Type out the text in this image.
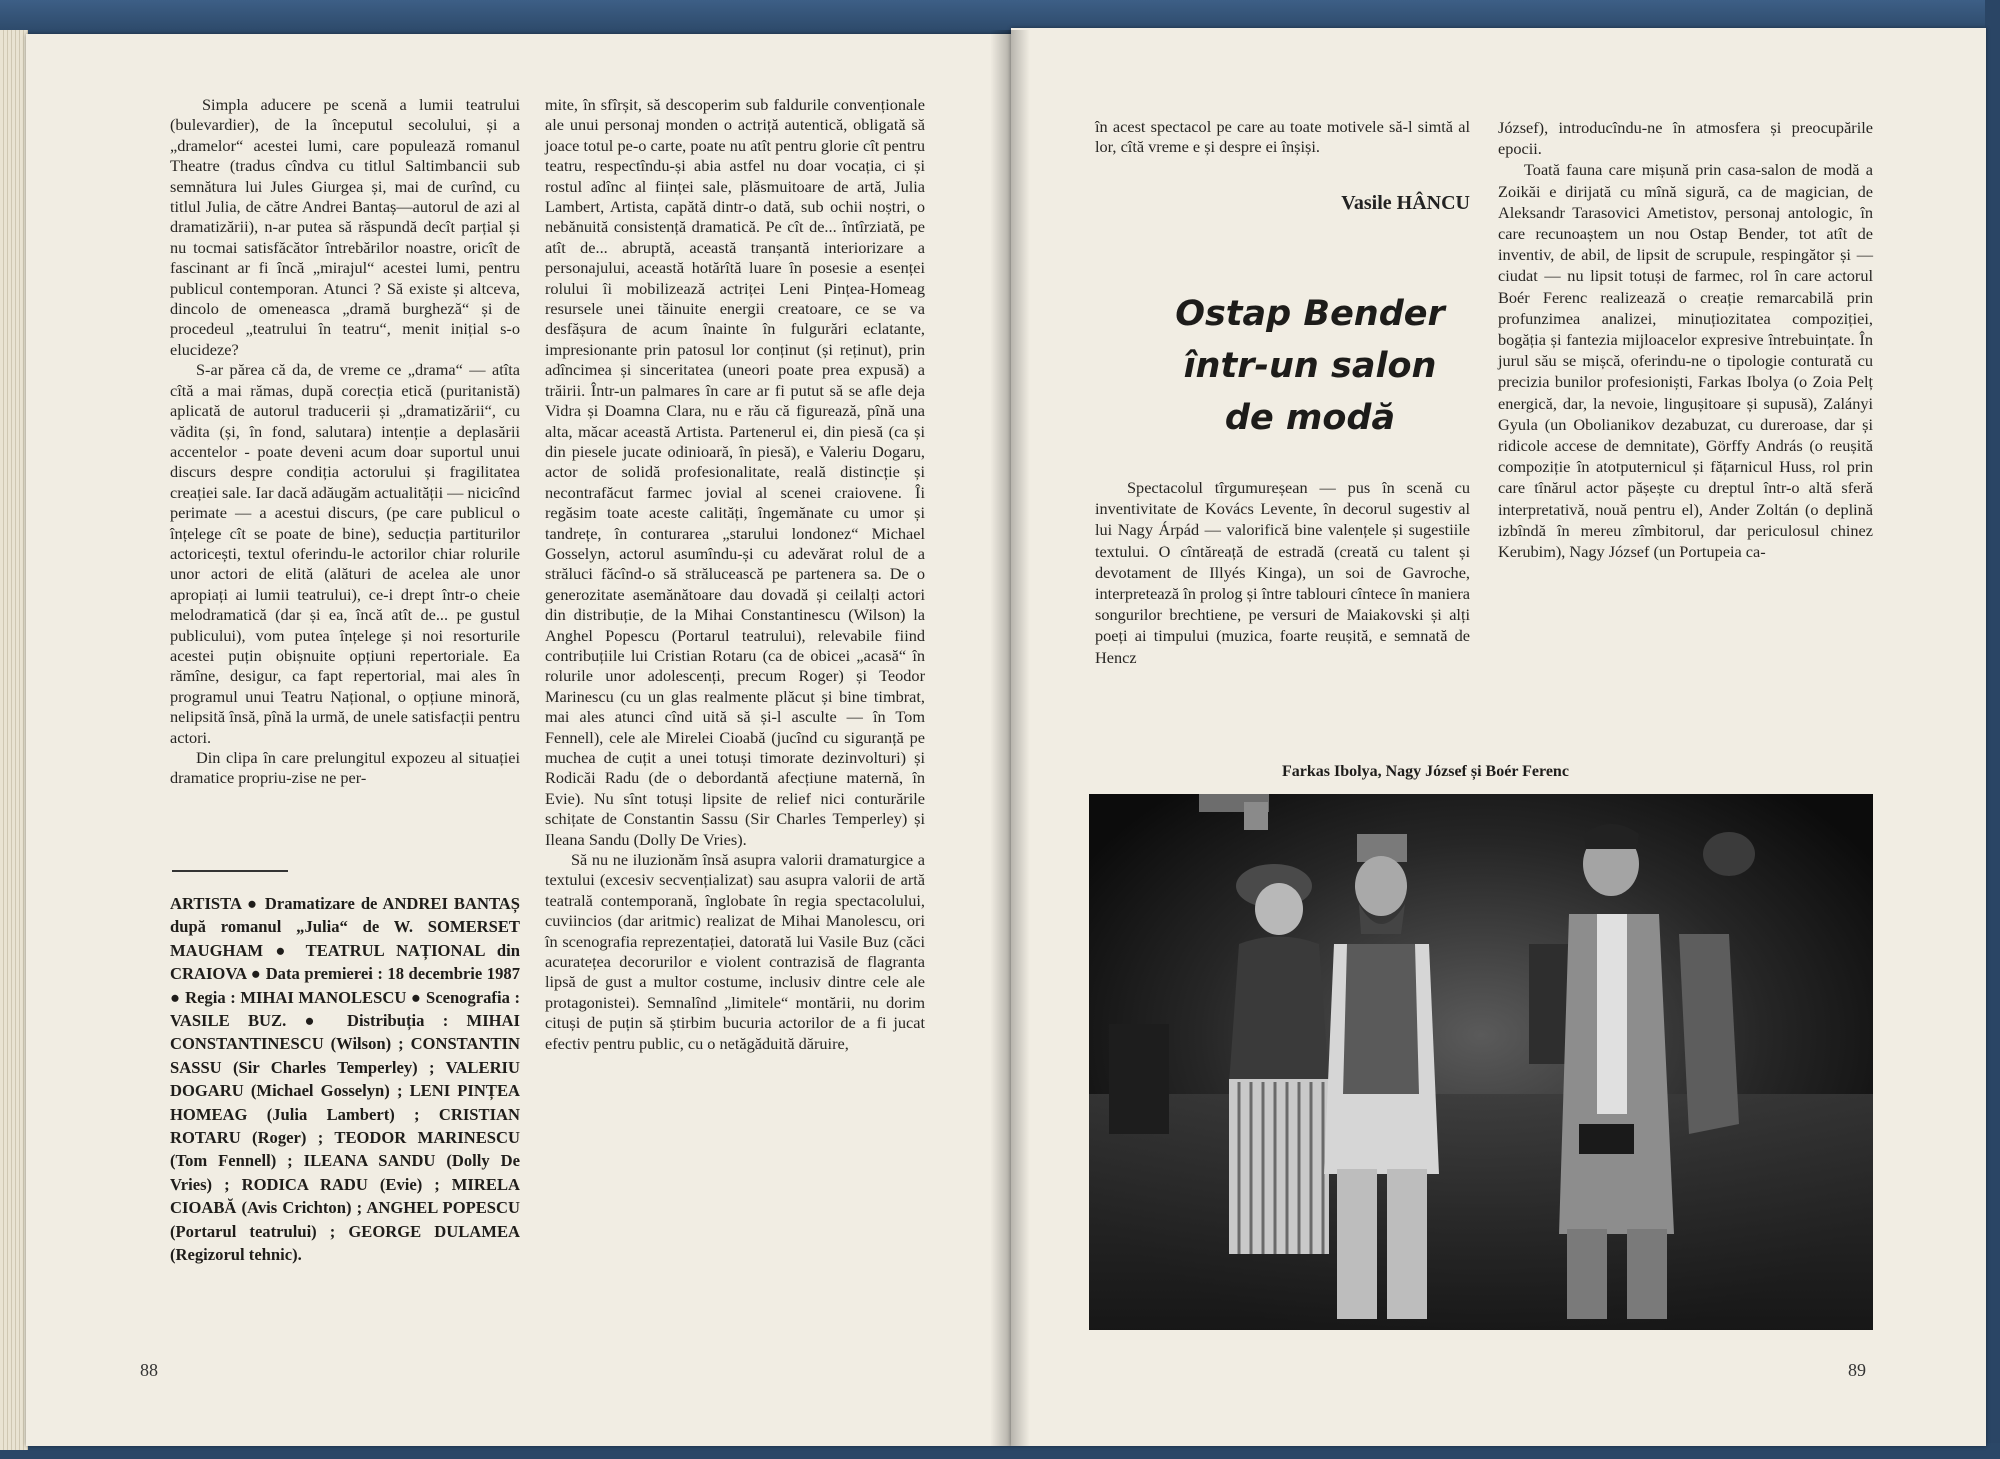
Simpla aducere pe scenă a lumii teatrului (bulevardier), de la începutul secolului, și a „dramelor“ acestei lumi, care populează romanul Theatre (tradus cîndva cu titlul Saltimbancii sub semnătura lui Jules Giurgea și, mai de curînd, cu titlul Julia, de către Andrei Bantaș—autorul de azi al dramatizării), n-ar putea să răspundă decît parțial și nu tocmai satisfăcător întrebărilor noastre, oricît de fascinant ar fi încă „mirajul“ acestei lumi, pentru publicul contemporan. Atunci ? Să existe și altceva, dincolo de omeneasca „dramă burgheză“ și de procedeul „teatrului în teatru“, menit inițial s-o elucideze?

S-ar părea că da, de vreme ce „drama“ — atîta cîtă a mai rămas, după corecția etică (puritanistă) aplicată de autorul traducerii și „dramatizării“, cu vădita (și, în fond, salutara) intenție a deplasării accentelor - poate deveni acum doar suportul unui discurs despre condiția actorului și fragilitatea creației sale. Iar dacă adăugăm actualității — nicicînd perimate — a acestui discurs, (pe care publicul o înțelege cît se poate de bine), seducția partiturilor actoricești, textul oferindu-le actorilor chiar rolurile unor actori de elită (alături de acelea ale unor apropiați ai lumii teatrului), ce-i drept într-o cheie melodramatică (dar și ea, încă atît de... pe gustul publicului), vom putea înțelege și noi resorturile acestei puțin obișnuite opțiuni repertoriale. Ea rămîne, desigur, ca fapt repertorial, mai ales în programul unui Teatru Național, o opțiune minoră, nelipsită însă, pînă la urmă, de unele satisfacții pentru actori.

Din clipa în care prelungitul expozeu al situației dramatice propriu-zise ne per-

ARTISTA ● Dramatizare de ANDREI BANTAȘ după romanul „Julia“ de W. SOMERSET MAUGHAM ● TEATRUL NAȚIONAL din CRAIOVA ● Data premierei : 18 decembrie 1987 ● Regia : MIHAI MANOLESCU ● Scenografia : VASILE BUZ. ● Distribuția : MIHAI CONSTANTINESCU (Wilson) ; CONSTANTIN SASSU (Sir Charles Temperley) ; VALERIU DOGARU (Michael Gosselyn) ; LENI PINȚEA HOMEAG (Julia Lambert) ; CRISTIAN ROTARU (Roger) ; TEODOR MARINESCU (Tom Fennell) ; ILEANA SANDU (Dolly De Vries) ; RODICA RADU (Evie) ; MIRELA CIOABĂ (Avis Crichton) ; ANGHEL POPESCU (Portarul teatrului) ; GEORGE DULAMEA (Regizorul tehnic).

mite, în sfîrșit, să descoperim sub faldurile convenționale ale unui personaj monden o actriță autentică, obligată să joace totul pe-o carte, poate nu atît pentru glorie cît pentru teatru, respectîndu-și abia astfel nu doar vocația, ci și rostul adînc al ființei sale, plăsmuitoare de artă, Julia Lambert, Artista, capătă dintr-o dată, sub ochii noștri, o nebănuită consistență dramatică. Pe cît de... întîrziată, pe atît de... abruptă, această tranșantă interiorizare a personajului, această hotărîtă luare în posesie a esenței rolului îi mobilizează actriței Leni Pințea-Homeag resursele unei tăinuite energii creatoare, ce se va desfășura de acum înainte în fulgurări eclatante, impresionante prin patosul lor conținut (și reținut), prin adîncimea și sinceritatea (uneori poate prea expusă) a trăirii. Într-un palmares în care ar fi putut să se afle deja Vidra și Doamna Clara, nu e rău că figurează, pînă una alta, măcar această Artista. Partenerul ei, din piesă (ca și din piesele jucate odinioară, în piesă), e Valeriu Dogaru, actor de solidă profesionalitate, reală distincție și necontrafăcut farmec jovial al scenei craiovene. Îi regăsim toate aceste calități, îngemănate cu umor și tandrețe, în conturarea „starului londonez“ Michael Gosselyn, actorul asumîndu-și cu adevărat rolul de a străluci făcînd-o să strălucească pe partenera sa. De o generozitate asemănătoare dau dovadă și ceilalți actori din distribuție, de la Mihai Constantinescu (Wilson) la Anghel Popescu (Portarul teatrului), relevabile fiind contribuțiile lui Cristian Rotaru (ca de obicei „acasă“ în rolurile unor adolescenți, precum Roger) și Teodor Marinescu (cu un glas realmente plăcut și bine timbrat, mai ales atunci cînd uită să și-l asculte — în Tom Fennell), cele ale Mirelei Cioabă (jucînd cu siguranță pe muchea de cuțit a unei totuși timorate dezinvolturi) și Rodicăi Radu (de o debordantă afecțiune maternă, în Evie). Nu sînt totuși lipsite de relief nici conturările schițate de Constantin Sassu (Sir Charles Temperley) și Ileana Sandu (Dolly De Vries).

Să nu ne iluzionăm însă asupra valorii dramaturgice a textului (excesiv secvențializat) sau asupra valorii de artă teatrală contemporană, înglobate în regia spectacolului, cuviincios (dar aritmic) realizat de Mihai Manolescu, ori în scenografia reprezentației, datorată lui Vasile Buz (căci acuratețea decorurilor e violent contrazisă de flagranta lipsă de gust a multor costume, inclusiv dintre cele ale protagonistei). Semnalînd „limitele“ montării, nu dorim cituși de puțin să știrbim bucuria actorilor de a fi jucat efectiv pentru public, cu o netăgăduită dăruire,

88

în acest spectacol pe care au toate motivele să-l simtă al lor, cîtă vreme e și despre ei înșiși.

Vasile HÂNCU
Ostap Bender
într-un salon
de modă

Spectacolul tîrgumureșean — pus în scenă cu inventivitate de Kovács Levente, în decorul sugestiv al lui Nagy Árpád — valorifică bine valențele și sugestiile textului. O cîntăreață de estradă (creată cu talent și devotament de Illyés Kinga), un soi de Gavroche, interpretează în prolog și între tablouri cîntece în maniera songurilor brechtiene, pe versuri de Maiakovski și alți poeți ai timpului (muzica, foarte reușită, e semnată de Hencz

József), introducîndu-ne în atmosfera și preocupările epocii.

Toată fauna care mișună prin casa-salon de modă a Zoikăi e dirijată cu mînă sigură, ca de magician, de Aleksandr Tarasovici Ametistov, personaj antologic, în care recunoaștem un nou Ostap Bender, tot atît de inventiv, de abil, de lipsit de scrupule, respingător și — ciudat — nu lipsit totuși de farmec, rol în care actorul Boér Ferenc realizează o creație remarcabilă prin profunzimea analizei, minuțiozitatea compoziției, bogăția și fantezia mijloacelor expresive întrebuințate. În jurul său se mișcă, oferindu-ne o tipologie conturată cu precizia bunilor profesioniști, Farkas Ibolya (o Zoia Pelț energică, dar, la nevoie, lingușitoare și supusă), Zalányi Gyula (un Obolianikov dezabuzat, cu dureroase, dar și ridicole accese de demnitate), Görffy András (o reușită compoziție în atotputernicul și fățarnicul Huss, rol prin care tînărul actor pășește cu dreptul într-o altă sferă interpretativă, nouă pentru el), Ander Zoltán (o deplină izbîndă în mereu zîmbitorul, dar periculosul chinez Kerubim), Nagy József (un Portupeia ca-

Farkas Ibolya, Nagy József și Boér Ferenc
89
